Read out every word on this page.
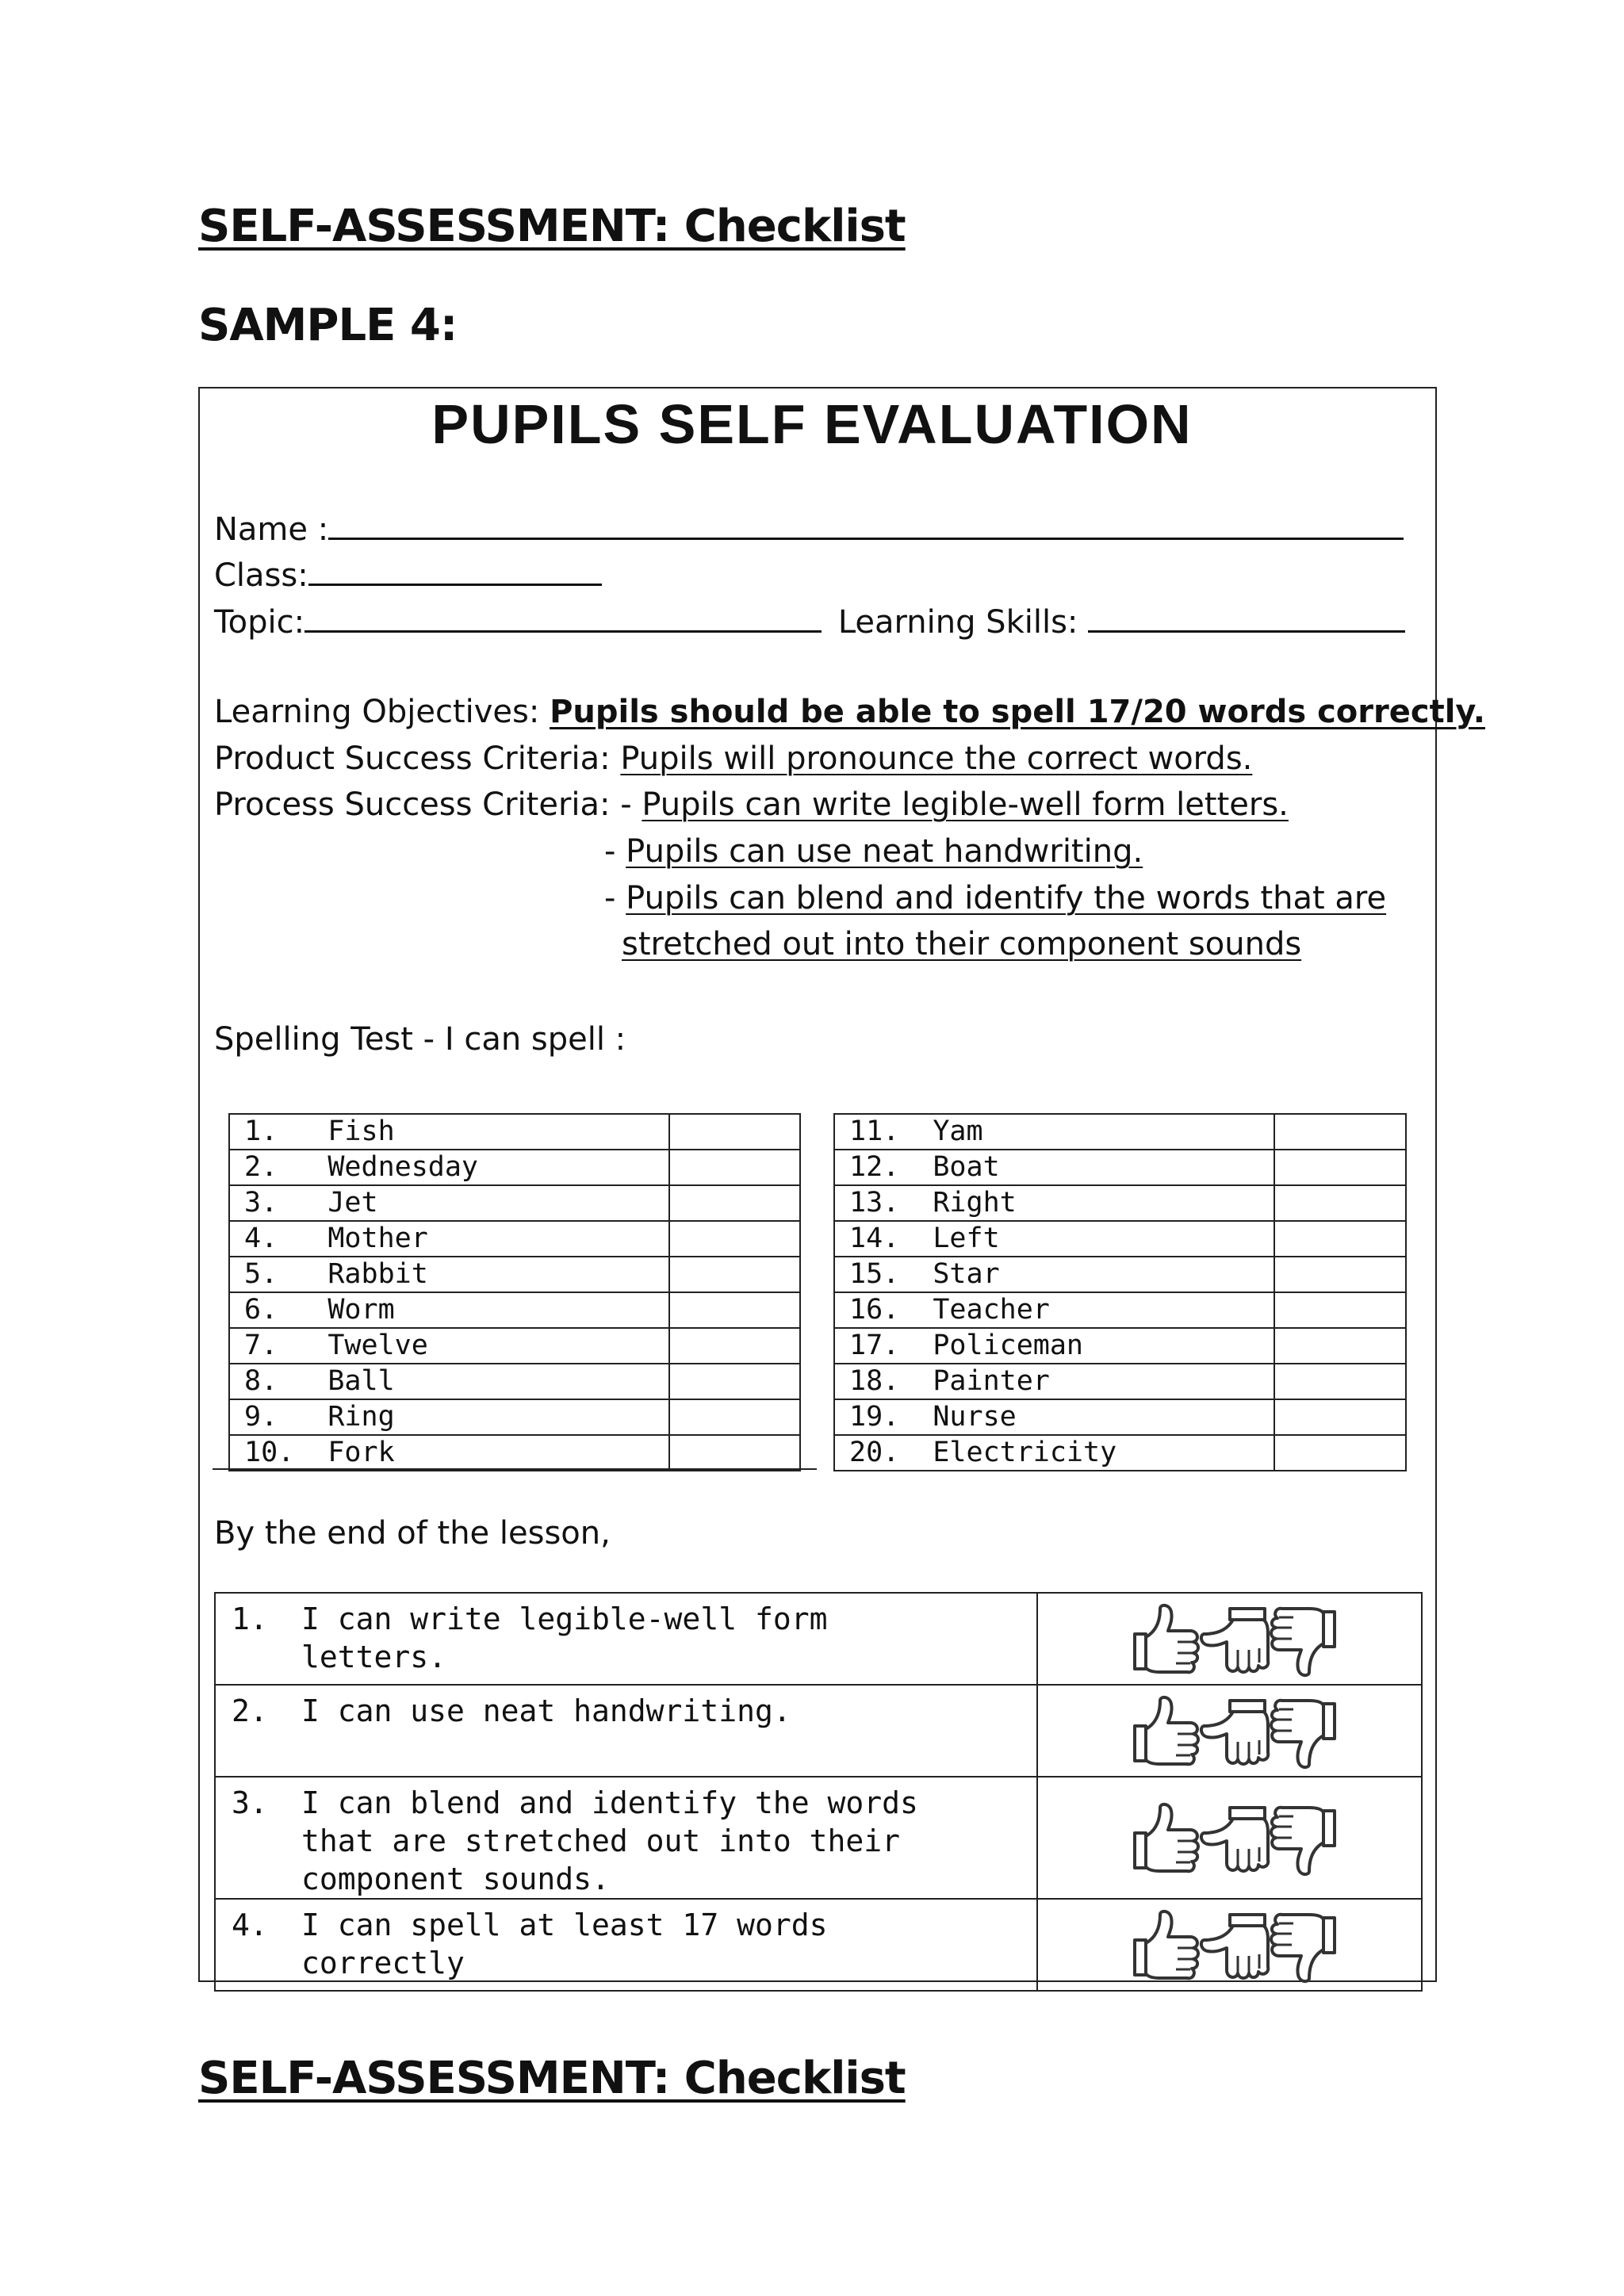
SELF-ASSESSMENT: Checklist
SAMPLE 4:
PUPILS SELF EVALUATION
Name :
Class:
Topic:	Learning Skills:
Learning Objectives: Pupils should be able to spell 17/20 words correctly.
Product Success Criteria: Pupils will pronounce the correct words.
Process Success Criteria: - Pupils can write legible-well form letters.
- Pupils can use neat handwriting.
- Pupils can blend and identify the words that are
stretched out into their component sounds
Spelling Test - I can spell :
1.   Fish	
2.   Wednesday	
3.   Jet	
4.   Mother	
5.   Rabbit	
6.   Worm	
7.   Twelve	
8.   Ball	
9.   Ring	
10.  Fork	
11.  Yam	
12.  Boat	
13.  Right	
14.  Left	
15.  Star	
16.  Teacher	
17.  Policeman	
18.  Painter	
19.  Nurse	
20.  Electricity	
By the end of the lesson,
1. I can write legible-well form
letters.

2. I can use neat handwriting.

3. I can blend and identify the words
that are stretched out into their
component sounds.

4. I can spell at least 17 words
correctly

SELF-ASSESSMENT: Checklist
